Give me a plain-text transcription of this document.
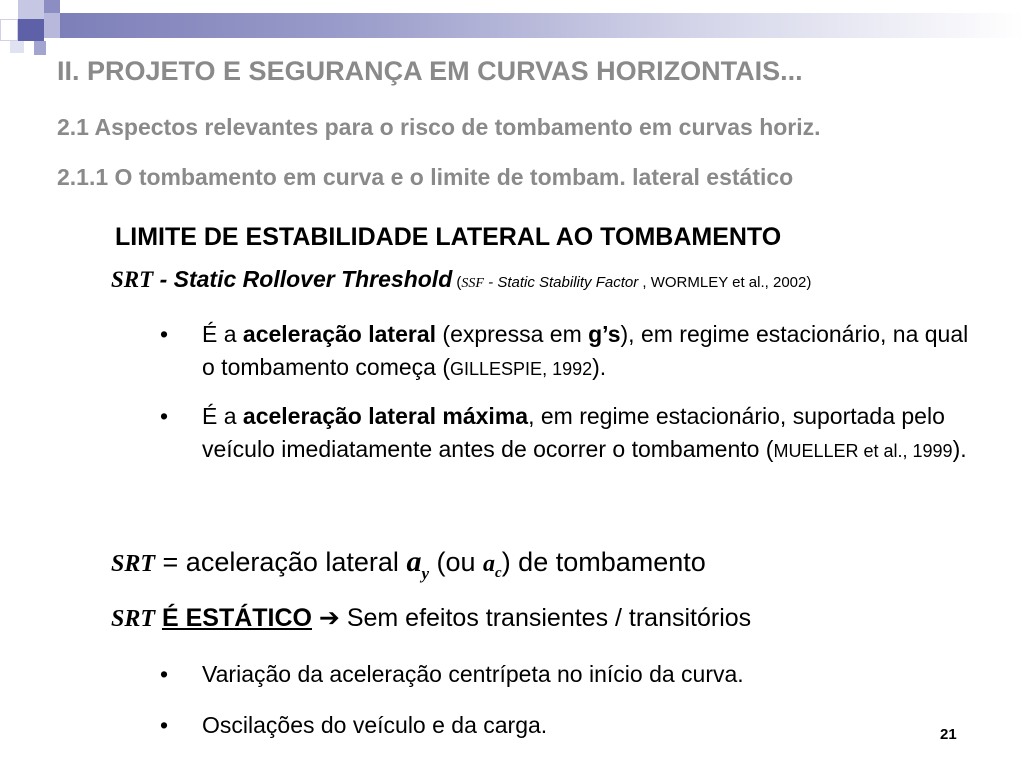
II. PROJETO E SEGURANÇA EM CURVAS HORIZONTAIS...
2.1 Aspectos relevantes para o risco de tombamento em curvas horiz.
2.1.1 O tombamento em curva e o limite de tombam. lateral estático
LIMITE DE ESTABILIDADE LATERAL AO TOMBAMENTO
SRT - Static Rollover Threshold (SSF - Static Stability Factor , WORMLEY et al., 2002)
• É a aceleração lateral (expressa em g’s), em regime estacionário, na qual o tombamento começa (GILLESPIE, 1992).
• É a aceleração lateral máxima, em regime estacionário, suportada pelo veículo imediatamente antes de ocorrer o tombamento (MUELLER et al., 1999).
SRT = aceleração lateral $a_y$ (ou $a_c$) de tombamento
SRT É ESTÁTICO ➔ Sem efeitos transientes / transitórios
• Variação da aceleração centrípeta no início da curva.
• Oscilações do veículo e da carga.	21
